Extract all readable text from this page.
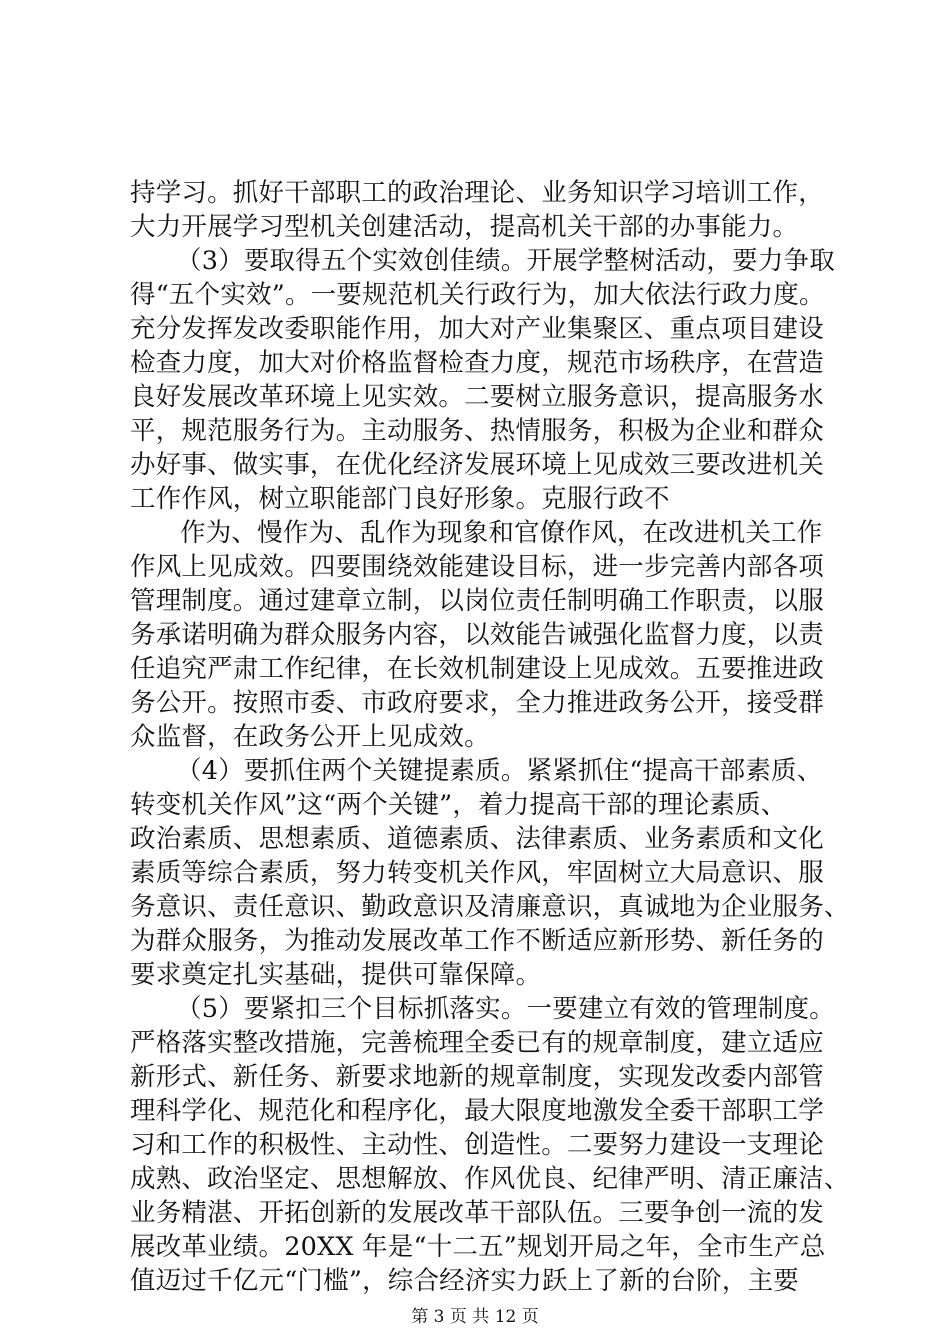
持学习。抓好干部职工的政治理论、业务知识学习培训工作，
大力开展学习型机关创建活动，提高机关干部的办事能力。
（3）要取得五个实效创佳绩。开展学整树活动，要力争取
得“五个实效”。一要规范机关行政行为，加大依法行政力度。
充分发挥发改委职能作用，加大对产业集聚区、重点项目建设
检查力度，加大对价格监督检查力度，规范市场秩序，在营造
良好发展改革环境上见实效。二要树立服务意识，提高服务水
平，规范服务行为。主动服务、热情服务，积极为企业和群众
办好事、做实事，在优化经济发展环境上见成效三要改进机关
工作作风，树立职能部门良好形象。克服行政不
作为、慢作为、乱作为现象和官僚作风，在改进机关工作
作风上见成效。四要围绕效能建设目标，进一步完善内部各项
管理制度。通过建章立制，以岗位责任制明确工作职责，以服
务承诺明确为群众服务内容，以效能告诫强化监督力度，以责
任追究严肃工作纪律，在长效机制建设上见成效。五要推进政
务公开。按照市委、市政府要求，全力推进政务公开，接受群
众监督，在政务公开上见成效。
（4）要抓住两个关键提素质。紧紧抓住“提高干部素质、
转变机关作风”这“两个关键”，着力提高干部的理论素质、
政治素质、思想素质、道德素质、法律素质、业务素质和文化
素质等综合素质，努力转变机关作风，牢固树立大局意识、服
务意识、责任意识、勤政意识及清廉意识，真诚地为企业服务、
为群众服务，为推动发展改革工作不断适应新形势、新任务的
要求奠定扎实基础，提供可靠保障。
（5）要紧扣三个目标抓落实。一要建立有效的管理制度。
严格落实整改措施，完善梳理全委已有的规章制度，建立适应
新形式、新任务、新要求地新的规章制度，实现发改委内部管
理科学化、规范化和程序化，最大限度地激发全委干部职工学
习和工作的积极性、主动性、创造性。二要努力建设一支理论
成熟、政治坚定、思想解放、作风优良、纪律严明、清正廉洁、
业务精湛、开拓创新的发展改革干部队伍。三要争创一流的发
展改革业绩。20XX 年是“十二五”规划开局之年，全市生产总
值迈过千亿元“门槛”，综合经济实力跃上了新的台阶，主要
第 3 页 共 12 页
